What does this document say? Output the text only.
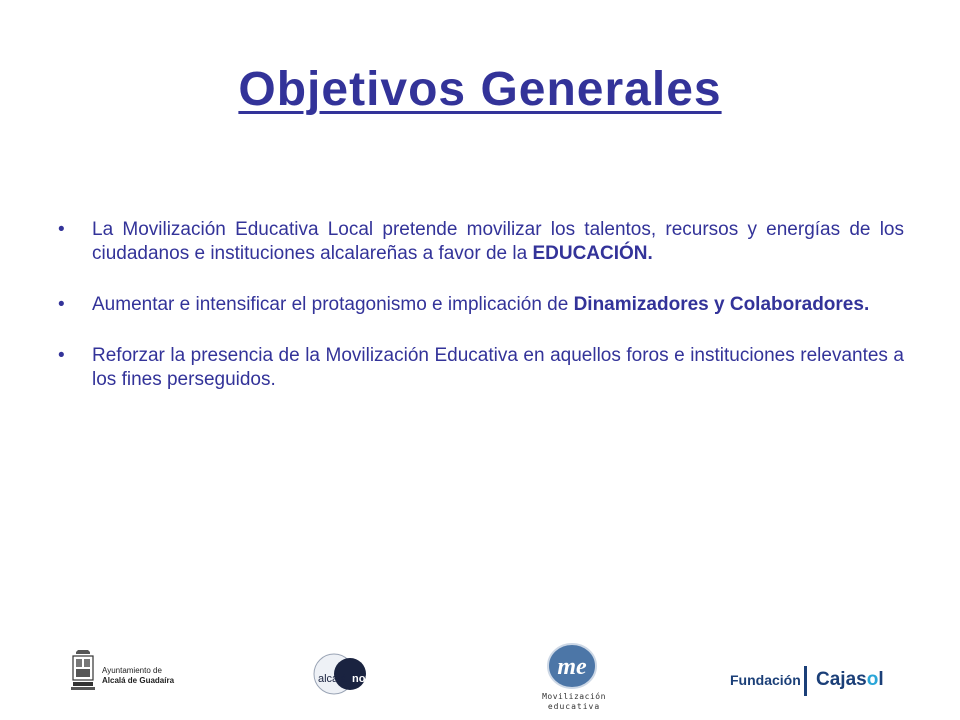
Objetivos Generales
• La Movilización Educativa Local pretende movilizar los talentos, recursos y energías de los ciudadanos e instituciones alcalareñas a favor de la EDUCACIÓN.
• Aumentar e intensificar el protagonismo e implicación de Dinamizadores y Colaboradores.
• Reforzar la presencia de la Movilización Educativa en aquellos foros e instituciones relevantes a los fines perseguidos.
Ayuntamiento de
Alcalá de Guadaíra	alcalá nova	me
Movilización
educativa
Fundación Cajasol
